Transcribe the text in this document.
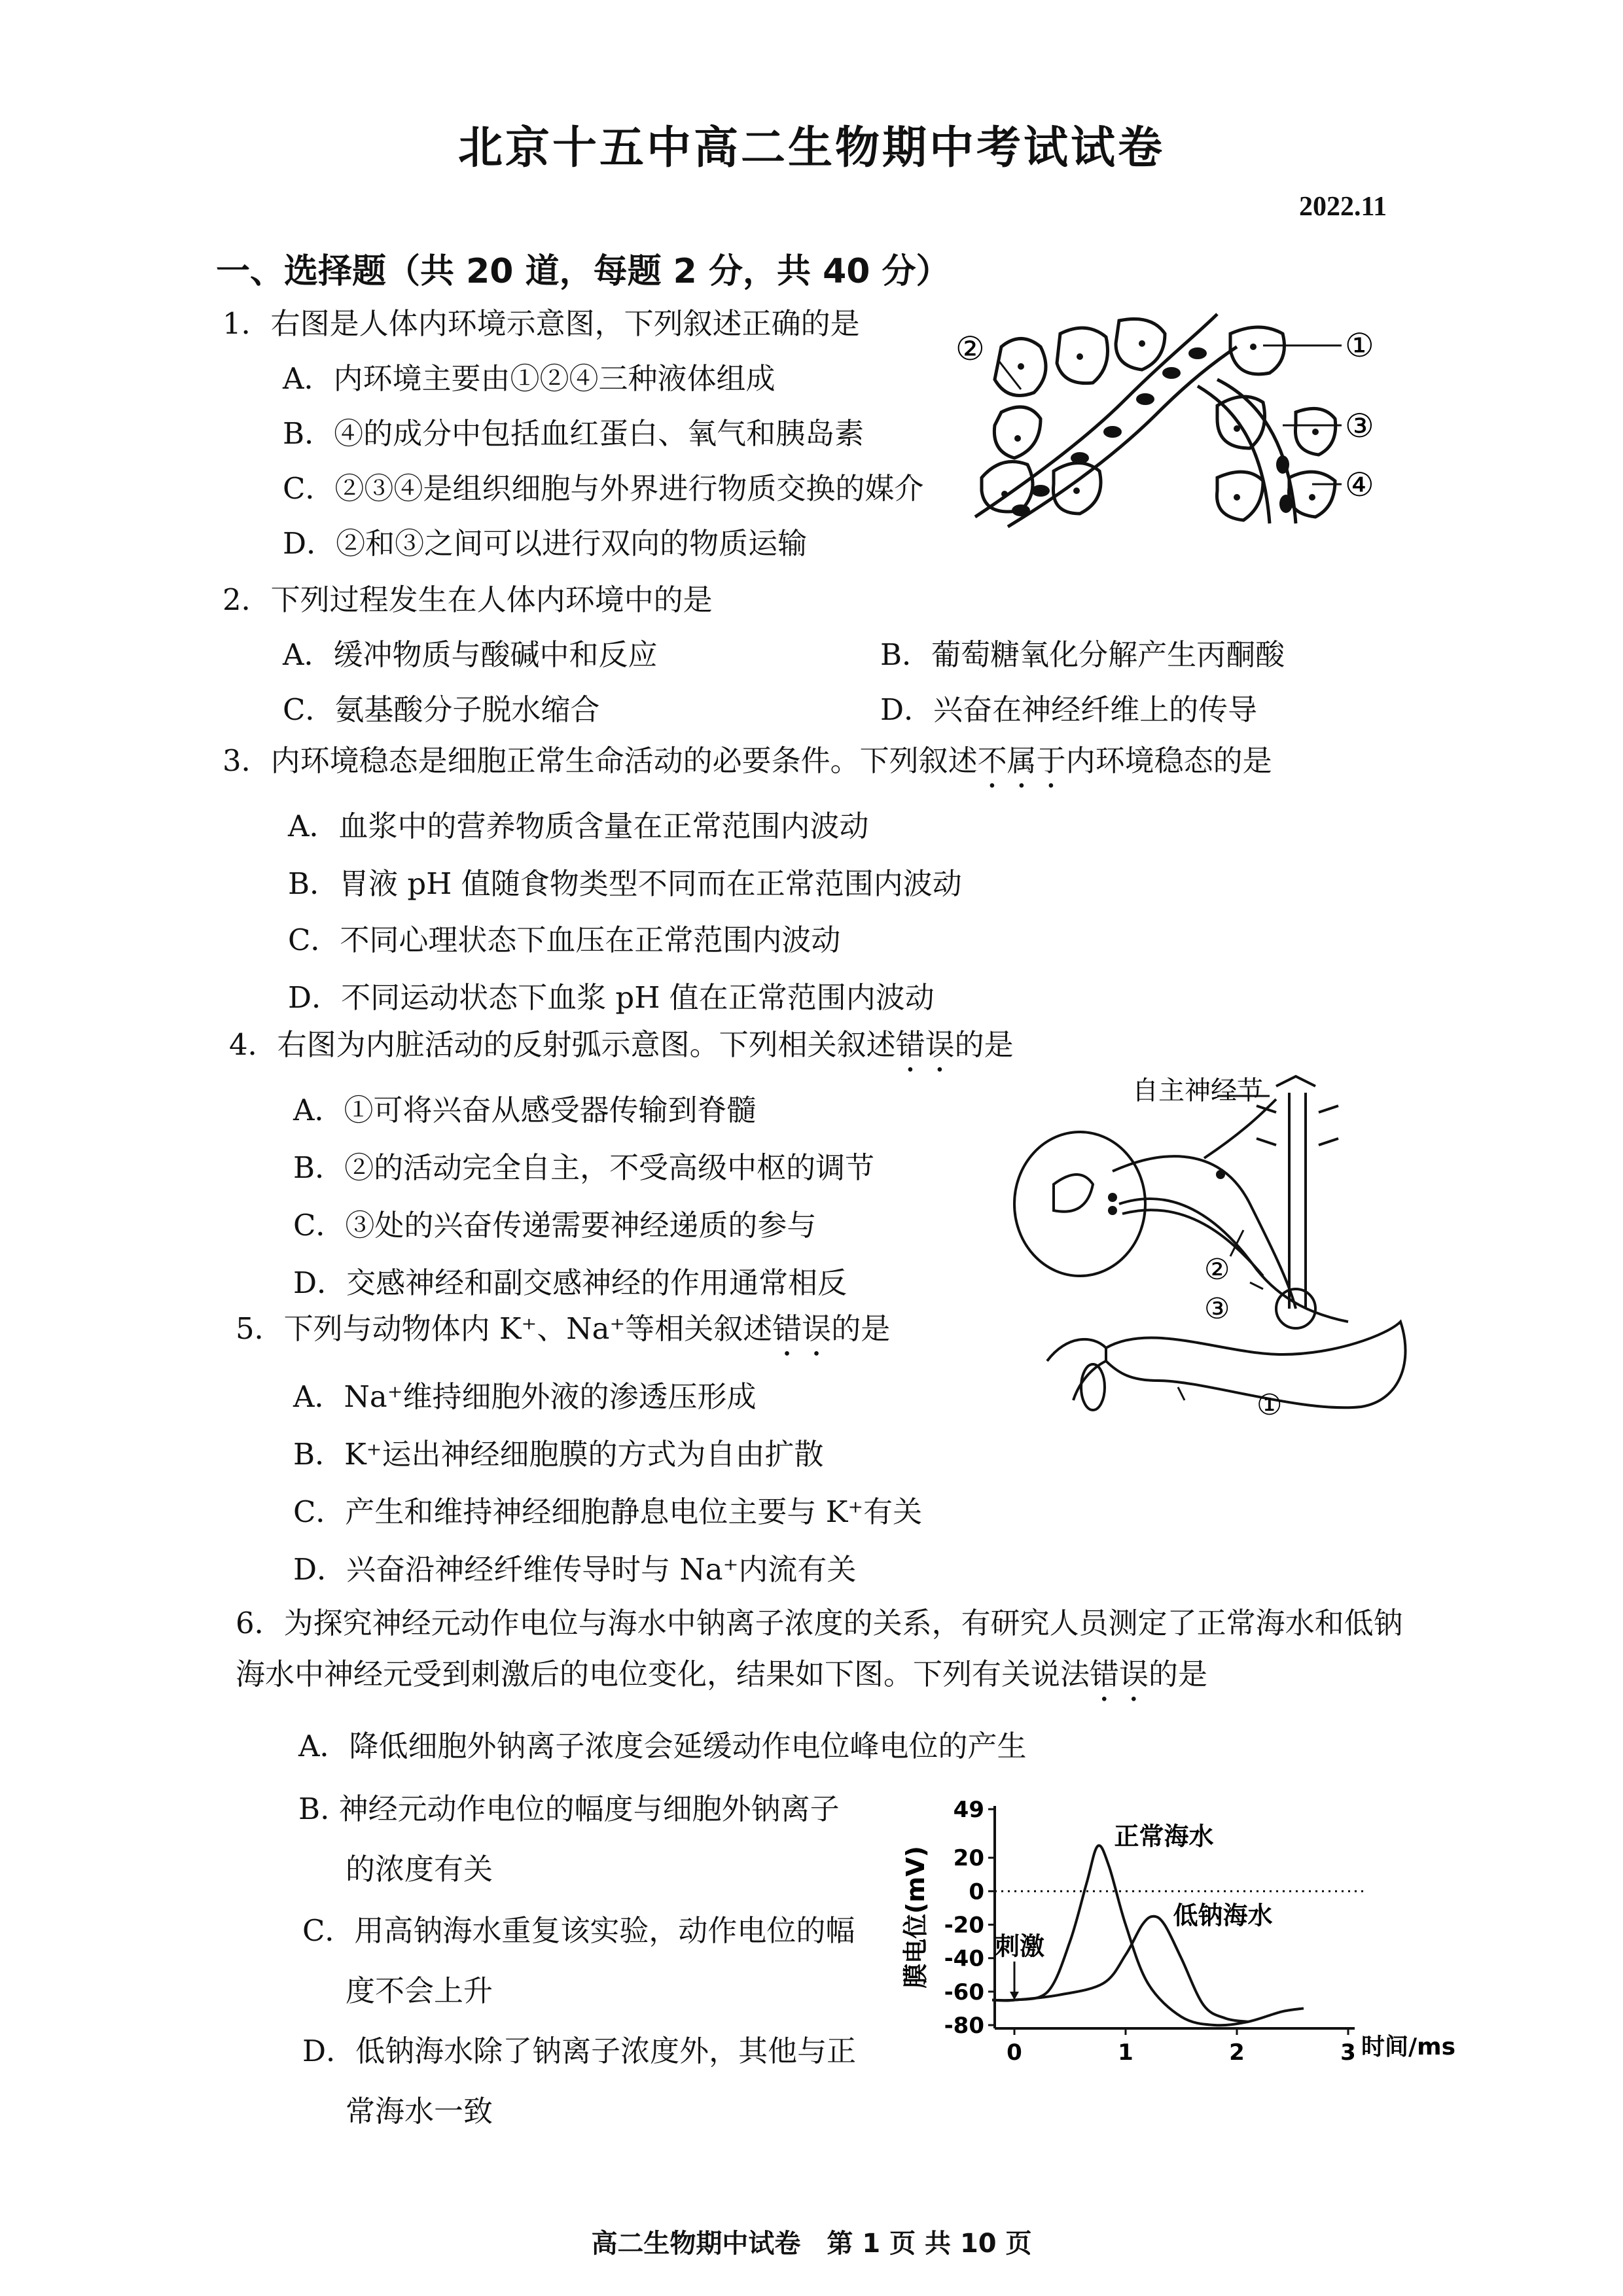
北京十五中高二生物期中考试试卷
2022.11
一、选择题（共 20 道，每题 2 分，共 40 分）
1．右图是人体内环境示意图，下列叙述正确的是
A．内环境主要由①②④三种液体组成
B．④的成分中包括血红蛋白、氧气和胰岛素
C．②③④是组织细胞与外界进行物质交换的媒介
D．②和③之间可以进行双向的物质运输
①
②
③
④
2．下列过程发生在人体内环境中的是
A．缓冲物质与酸碱中和反应	B．葡萄糖氧化分解产生丙酮酸
C．氨基酸分子脱水缩合	D．兴奋在神经纤维上的传导
3．内环境稳态是细胞正常生命活动的必要条件。下列叙述不属于内环境稳态的是
A．血浆中的营养物质含量在正常范围内波动
B．胃液 pH 值随食物类型不同而在正常范围内波动
C．不同心理状态下血压在正常范围内波动
D．不同运动状态下血浆 pH 值在正常范围内波动
4．右图为内脏活动的反射弧示意图。下列相关叙述错误的是
A．①可将兴奋从感受器传输到脊髓
B．②的活动完全自主，不受高级中枢的调节
C．③处的兴奋传递需要神经递质的参与
D．交感神经和副交感神经的作用通常相反
自主神经节
②
③
①
5．下列与动物体内 K⁺、Na⁺等相关叙述错误的是
A．Na⁺维持细胞外液的渗透压形成
B．K⁺运出神经细胞膜的方式为自由扩散
C．产生和维持神经细胞静息电位主要与 K⁺有关
D．兴奋沿神经纤维传导时与 Na⁺内流有关
6．为探究神经元动作电位与海水中钠离子浓度的关系，有研究人员测定了正常海水和低钠
海水中神经元受到刺激后的电位变化，结果如下图。下列有关说法错误的是
A．降低细胞外钠离子浓度会延缓动作电位峰电位的产生
B. 神经元动作电位的幅度与细胞外钠离子
的浓度有关
C．用高钠海水重复该实验，动作电位的幅
度不会上升
D．低钠海水除了钠离子浓度外，其他与正
常海水一致
膜电位(mV)
时间/ms
49
20
0
-20
-40
-60
-80
0	1	2	3
正常海水
低钠海水
刺激
高二生物期中试卷　第 1 页 共 10 页
